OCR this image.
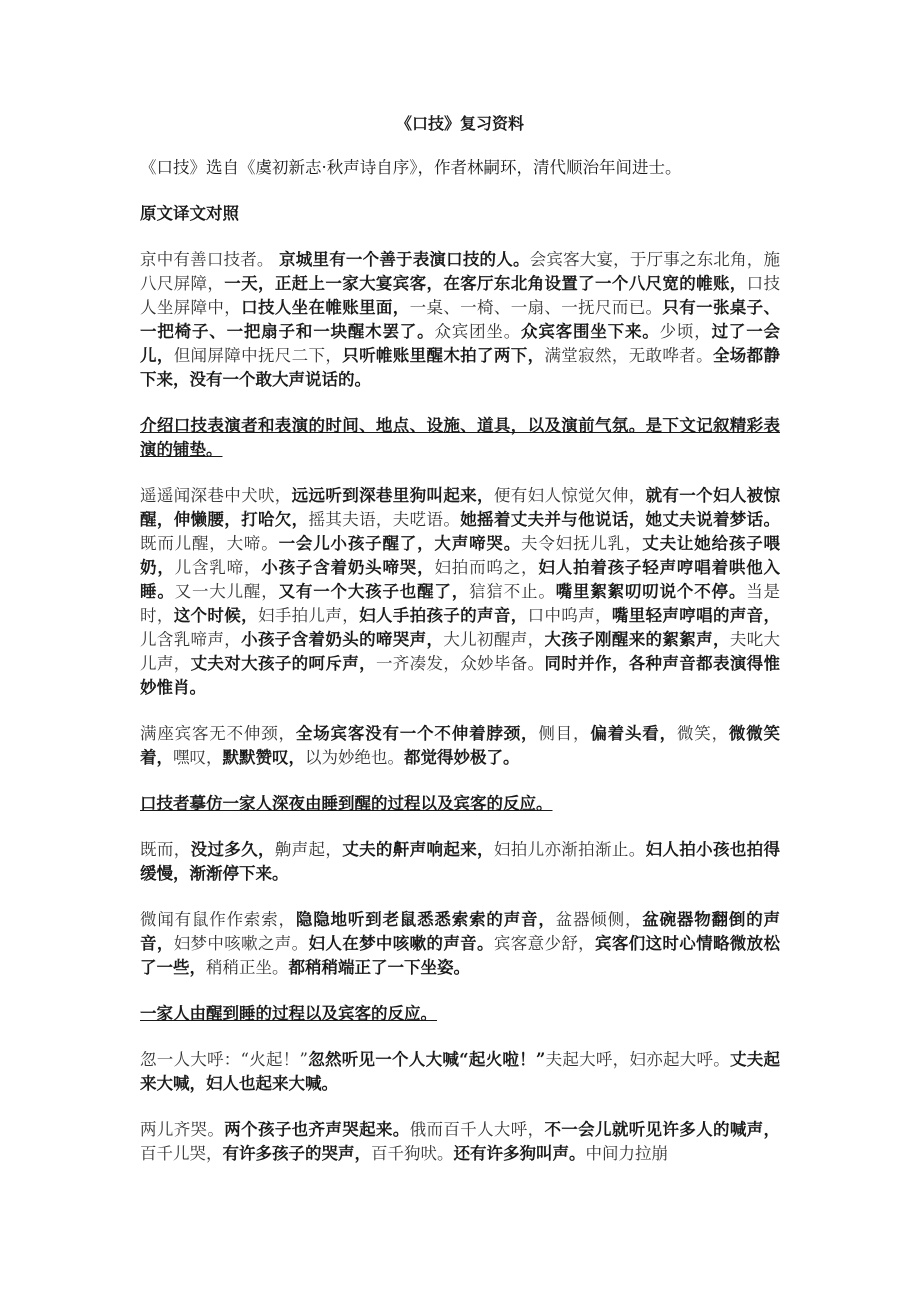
《口技》复习资料

《口技》选自《虞初新志·秋声诗自序》，作者林嗣环，清代顺治年间进士。

原文译文对照

京中有善口技者。 京城里有一个善于表演口技的人。会宾客大宴，于厅事之东北角，施八尺屏障，一天，正赶上一家大宴宾客，在客厅东北角设置了一个八尺宽的帷账，口技人坐屏障中，口技人坐在帷账里面，一桌、一椅、一扇、一抚尺而已。只有一张桌子、一把椅子、一把扇子和一块醒木罢了。众宾团坐。众宾客围坐下来。少顷，过了一会儿，但闻屏障中抚尺二下，只听帷账里醒木拍了两下，满堂寂然，无敢哗者。全场都静下来，没有一个敢大声说话的。

介绍口技表演者和表演的时间、地点、设施、道具，以及演前气氛。是下文记叙精彩表演的铺垫。

遥遥闻深巷中犬吠，远远听到深巷里狗叫起来，便有妇人惊觉欠伸，就有一个妇人被惊醒，伸懒腰，打哈欠，摇其夫语，夫呓语。她摇着丈夫并与他说话，她丈夫说着梦话。既而儿醒，大啼。一会儿小孩子醒了，大声啼哭。夫令妇抚儿乳，丈夫让她给孩子喂奶，儿含乳啼，小孩子含着奶头啼哭，妇拍而呜之，妇人拍着孩子轻声哼唱着哄他入睡。又一大儿醒，又有一个大孩子也醒了，狺狺不止。嘴里絮絮叨叨说个不停。当是时，这个时候，妇手拍儿声，妇人手拍孩子的声音，口中呜声，嘴里轻声哼唱的声音，儿含乳啼声，小孩子含着奶头的啼哭声，大儿初醒声，大孩子刚醒来的絮絮声，夫叱大儿声，丈夫对大孩子的呵斥声，一齐凑发，众妙毕备。同时并作，各种声音都表演得惟妙惟肖。

满座宾客无不伸颈，全场宾客没有一个不伸着脖颈，侧目，偏着头看，微笑，微微笑着，嘿叹，默默赞叹，以为妙绝也。都觉得妙极了。

口技者摹仿一家人深夜由睡到醒的过程以及宾客的反应。

既而，没过多久，齁声起，丈夫的鼾声响起来，妇拍儿亦渐拍渐止。妇人拍小孩也拍得缓慢，渐渐停下来。

微闻有鼠作作索索，隐隐地听到老鼠悉悉索索的声音，盆器倾侧，盆碗器物翻倒的声音，妇梦中咳嗽之声。妇人在梦中咳嗽的声音。宾客意少舒，宾客们这时心情略微放松了一些，稍稍正坐。都稍稍端正了一下坐姿。

一家人由醒到睡的过程以及宾客的反应。

忽一人大呼：“火起！”忽然听见一个人大喊“起火啦！”夫起大呼，妇亦起大呼。丈夫起来大喊，妇人也起来大喊。

两儿齐哭。两个孩子也齐声哭起来。俄而百千人大呼，不一会儿就听见许多人的喊声，百千儿哭，有许多孩子的哭声，百千狗吠。还有许多狗叫声。中间力拉崩
